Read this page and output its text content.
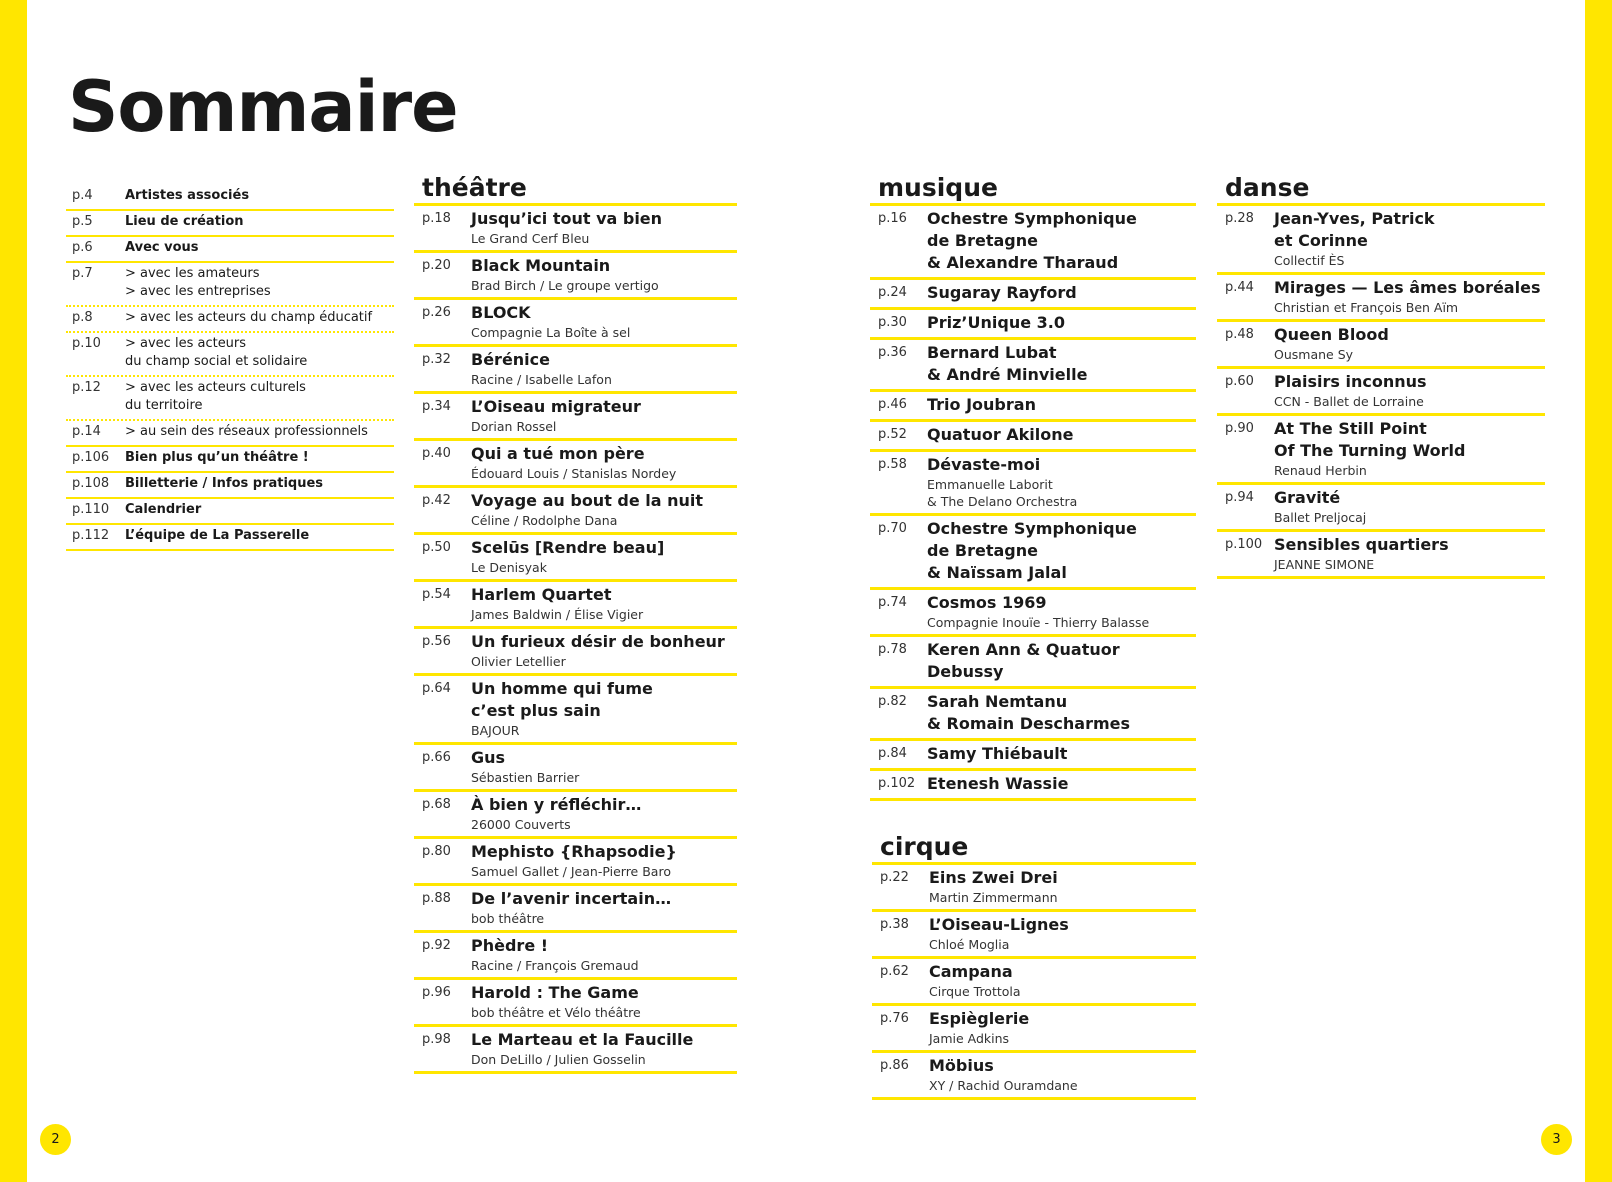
Sommaire
p.4	Artistes associés
p.5	Lieu de création
p.6	Avec vous
p.7	> avec les amateurs
> avec les entreprises
p.8	> avec les acteurs du champ éducatif
p.10	> avec les acteurs
du champ social et solidaire
p.12	> avec les acteurs culturels
du territoire
p.14	> au sein des réseaux professionnels
p.106	Bien plus qu’un théâtre !
p.108	Billetterie / Infos pratiques
p.110	Calendrier
p.112	L’équipe de La Passerelle
théâtre
p.18	Jusqu’ici tout va bien
Le Grand Cerf Bleu
p.20	Black Mountain
Brad Birch / Le groupe vertigo
p.26	BLOCK
Compagnie La Boîte à sel
p.32	Bérénice
Racine / Isabelle Lafon
p.34	L’Oiseau migrateur
Dorian Rossel
p.40	Qui a tué mon père
Édouard Louis / Stanislas Nordey
p.42	Voyage au bout de la nuit
Céline / Rodolphe Dana
p.50	Scelūs [Rendre beau]
Le Denisyak
p.54	Harlem Quartet
James Baldwin / Élise Vigier
p.56	Un furieux désir de bonheur
Olivier Letellier
p.64	Un homme qui fume
c’est plus sain
BAJOUR
p.66	Gus
Sébastien Barrier
p.68	À bien y réfléchir…
26000 Couverts
p.80	Mephisto {Rhapsodie}
Samuel Gallet / Jean-Pierre Baro
p.88	De l’avenir incertain…
bob théâtre
p.92	Phèdre !
Racine / François Gremaud
p.96	Harold : The Game
bob théâtre et Vélo théâtre
p.98	Le Marteau et la Faucille
Don DeLillo / Julien Gosselin
musique
p.16	Ochestre Symphonique
de Bretagne
& Alexandre Tharaud
p.24	Sugaray Rayford
p.30	Priz’Unique 3.0
p.36	Bernard Lubat
& André Minvielle
p.46	Trio Joubran
p.52	Quatuor Akilone
p.58	Dévaste-moi
Emmanuelle Laborit
& The Delano Orchestra
p.70	Ochestre Symphonique
de Bretagne
& Naïssam Jalal
p.74	Cosmos 1969
Compagnie Inouïe - Thierry Balasse
p.78	Keren Ann & Quatuor Debussy
p.82	Sarah Nemtanu
& Romain Descharmes
p.84	Samy Thiébault
p.102 Etenesh Wassie
cirque
p.22	Eins Zwei Drei
Martin Zimmermann
p.38	L’Oiseau-Lignes
Chloé Moglia
p.62	Campana
Cirque Trottola
p.76	Espièglerie
Jamie Adkins
p.86	Möbius
XY / Rachid Ouramdane
danse
p.28	Jean-Yves, Patrick
et Corinne
Collectif ÈS
p.44	Mirages — Les âmes boréales
Christian et François Ben Aïm
p.48	Queen Blood
Ousmane Sy
p.60	Plaisirs inconnus
CCN - Ballet de Lorraine
p.90	At The Still Point
Of The Turning World
Renaud Herbin
p.94	Gravité
Ballet Preljocaj
p.100 Sensibles quartiers
JEANNE SIMONE
2	3
